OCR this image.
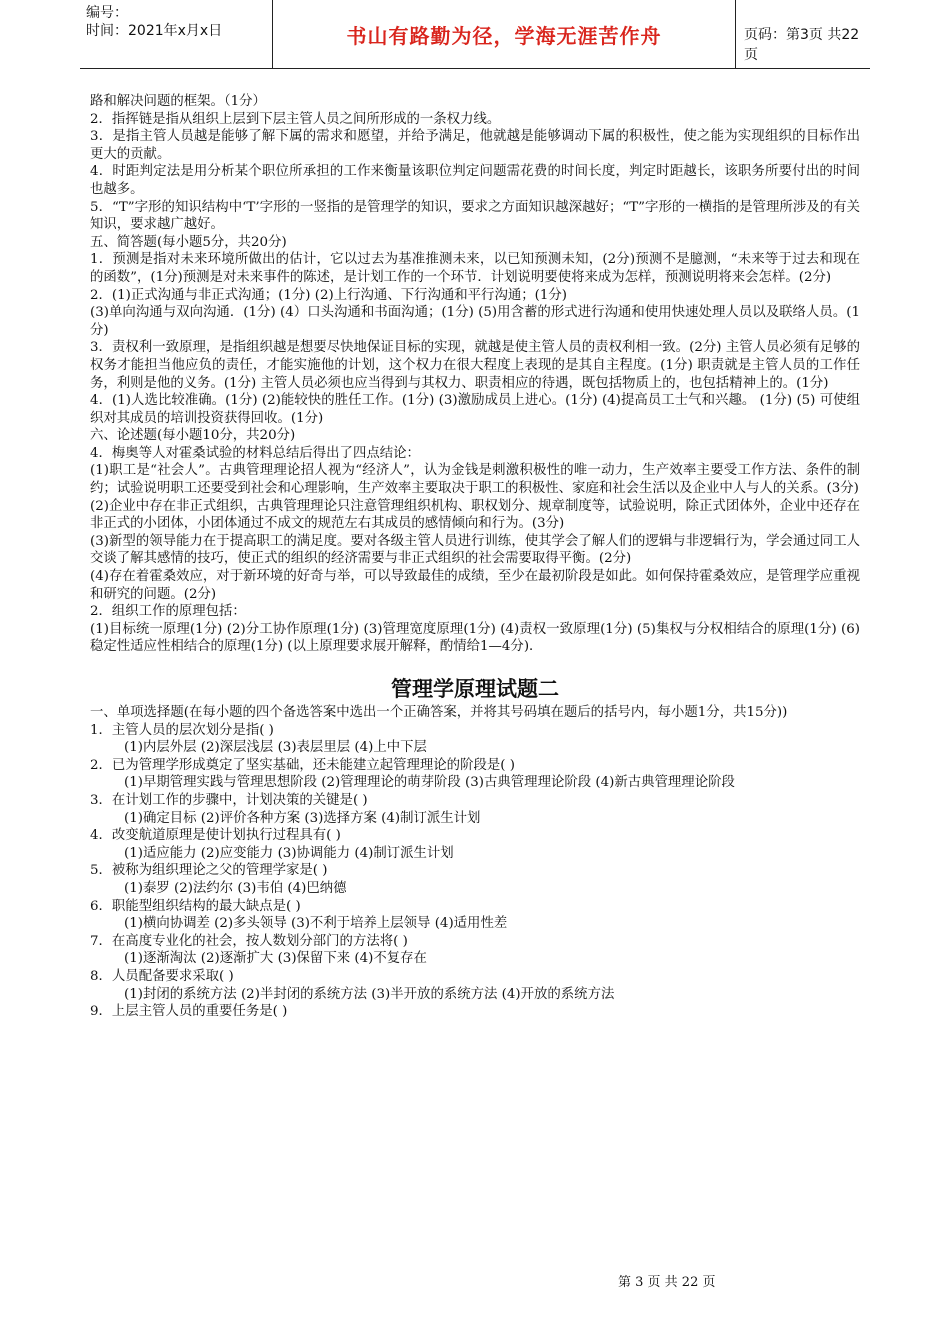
编号：
时间：2021年x月x日	书山有路勤为径，学海无涯苦作舟	页码：第3页 共22页

路和解决问题的框架。（1分）

2．指挥链是指从组织上层到下层主管人员之间所形成的一条权力线。

3．是指主管人员越是能够了解下属的需求和愿望，并给予满足，他就越是能够调动下属的积极性，使之能为实现组织的目标作出更大的贡献。

4．时距判定法是用分析某个职位所承担的工作来衡量该职位判定问题需花费的时间长度，判定时距越长，该职务所要付出的时间也越多。

5．“T”字形的知识结构中‘T’字形的一竖指的是管理学的知识，要求之方面知识越深越好；“T”字形的一横指的是管理所涉及的有关知识，要求越广越好。

五、简答题(每小题5分，共20分)

1．预测是指对未来环境所做出的估计，它以过去为基准推测未来，以已知预测未知，(2分)预测不是臆测，“未来等于过去和现在的函数”，(1分)预测是对未来事件的陈述，是计划工作的一个环节．计划说明要使将来成为怎样，预测说明将来会怎样。(2分)

2．(1)正式沟通与非正式沟通；(1分) (2)上行沟通、下行沟通和平行沟通；(1分)

(3)单向沟通与双向沟通．(1分) (4）口头沟通和书面沟通；(1分) (5)用含蓄的形式进行沟通和使用快速处理人员以及联络人员。(1分)

3．责权利一致原理，是指组织越是想要尽快地保证目标的实现，就越是使主管人员的责权利相一致。(2分) 主管人员必须有足够的权务才能担当他应负的责任，才能实施他的计划，这个权力在很大程度上表现的是其自主程度。(1分) 职责就是主管人员的工作任务，利则是他的义务。(1分) 主管人员必须也应当得到与其权力、职责相应的待遇，既包括物质上的，也包括精神上的。(1分)

4．(1)人选比较准确。(1分) (2)能较快的胜任工作。(1分) (3)激励成员上进心。(1分) (4)提高员工士气和兴趣。 (1分) (5) 可使组织对其成员的培训投资获得回收。(1分)

六、论述题(每小题10分，共20分)

4．梅奥等人对霍桑试验的材料总结后得出了四点结论：

(1)职工是“社会人”。古典管理理论招人视为“经济人”，认为金钱是刺激积极性的唯一动力，生产效率主要受工作方法、条件的制约；试验说明职工还要受到社会和心理影响，生产效率主要取决于职工的积极性、家庭和社会生活以及企业中人与人的关系。(3分)

(2)企业中存在非正式组织，古典管理理论只注意管理组织机构、职权划分、规章制度等，试验说明，除正式团体外，企业中还存在非正式的小团体，小团体通过不成文的规范左右其成员的感情倾向和行为。(3分)

(3)新型的领导能力在于提高职工的满足度。要对各级主管人员进行训练，使其学会了解人们的逻辑与非逻辑行为，学会通过同工人交谈了解其感情的技巧，使正式的组织的经济需要与非正式组织的社会需要取得平衡。(2分)

(4)存在着霍桑效应，对于新环境的好奇与举，可以导致最佳的成绩，至少在最初阶段是如此。如何保持霍桑效应，是管理学应重视和研究的问题。(2分)

2．组织工作的原理包括：

(1)目标统一原理(1分) (2)分工协作原理(1分) (3)管理宽度原理(1分) (4)责权一致原理(1分) (5)集权与分权相结合的原理(1分) (6)稳定性适应性相结合的原理(1分) (以上原理要求展开解释，酌情给1—4分)．

管理学原理试题二

一、单项选择题(在每小题的四个备选答案中选出一个正确答案，并将其号码填在题后的括号内，每小题1分，共15分))

1．主管人员的层次划分是指( )

(1)内层外层 (2)深层浅层 (3)表层里层 (4)上中下层

2．已为管理学形成奠定了坚实基础，还未能建立起管理理论的阶段是( )

(1)早期管理实践与管理思想阶段 (2)管理理论的萌芽阶段 (3)古典管理理论阶段 (4)新古典管理理论阶段

3．在计划工作的步骤中，计划决策的关键是( )

(1)确定目标 (2)评价各种方案 (3)选择方案 (4)制订派生计划

4．改变航道原理是使计划执行过程具有( )

(1)适应能力 (2)应变能力 (3)协调能力 (4)制订派生计划

5．被称为组织理论之父的管理学家是( )

(1)泰罗 (2)法约尔 (3)韦伯 (4)巴纳德

6．职能型组织结构的最大缺点是( )

(1)横向协调差 (2)多头领导 (3)不利于培养上层领导 (4)适用性差

7．在高度专业化的社会，按人数划分部门的方法将( )

(1)逐渐淘汰 (2)逐渐扩大 (3)保留下来 (4)不复存在

8．人员配备要求采取( )

(1)封闭的系统方法 (2)半封闭的系统方法 (3)半开放的系统方法 (4)开放的系统方法

9．上层主管人员的重要任务是( )

第 3 页 共 22 页
